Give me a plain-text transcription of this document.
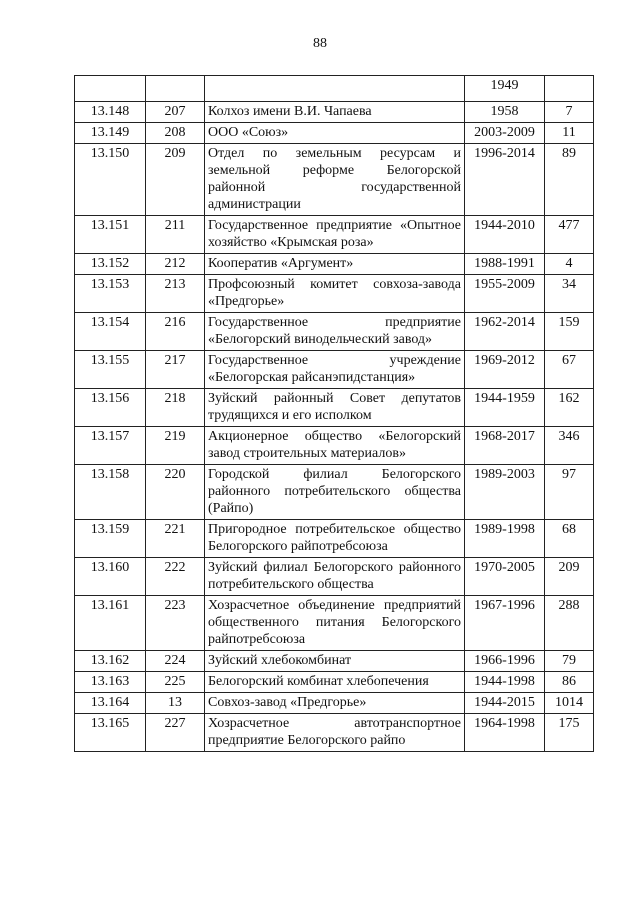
88
			1949	
13.148	207	Колхоз имени В.И. Чапаева	1958	7
13.149	208	ООО «Союз»	2003-2009	11
13.150	209	Отдел по земельным ресурсам и земельной реформе Белогорской районной государственной администрации	1996-2014	89
13.151	211	Государственное предприятие «Опытное хозяйство «Крымская роза»	1944-2010	477
13.152	212	Кооператив «Аргумент»	1988-1991	4
13.153	213	Профсоюзный комитет совхоза-завода «Предгорье»	1955-2009	34
13.154	216	Государственное предприятие «Белогорский винодельческий завод»	1962-2014	159
13.155	217	Государственное учреждение «Белогорская райсанэпидстанция»	1969-2012	67
13.156	218	Зуйский районный Совет депутатов трудящихся и его исполком	1944-1959	162
13.157	219	Акционерное общество «Белогорский завод строительных материалов»	1968-2017	346
13.158	220	Городской филиал Белогорского районного потребительского общества (Райпо)	1989-2003	97
13.159	221	Пригородное потребительское общество Белогорского райпотребсоюза	1989-1998	68
13.160	222	Зуйский филиал Белогорского районного потребительского общества	1970-2005	209
13.161	223	Хозрасчетное объединение предприятий общественного питания Белогорского райпотребсоюза	1967-1996	288
13.162	224	Зуйский хлебокомбинат	1966-1996	79
13.163	225	Белогорский комбинат хлебопечения	1944-1998	86
13.164	13	Совхоз-завод «Предгорье»	1944-2015	1014
13.165	227	Хозрасчетное автотранспортное предприятие Белогорского райпо	1964-1998	175
